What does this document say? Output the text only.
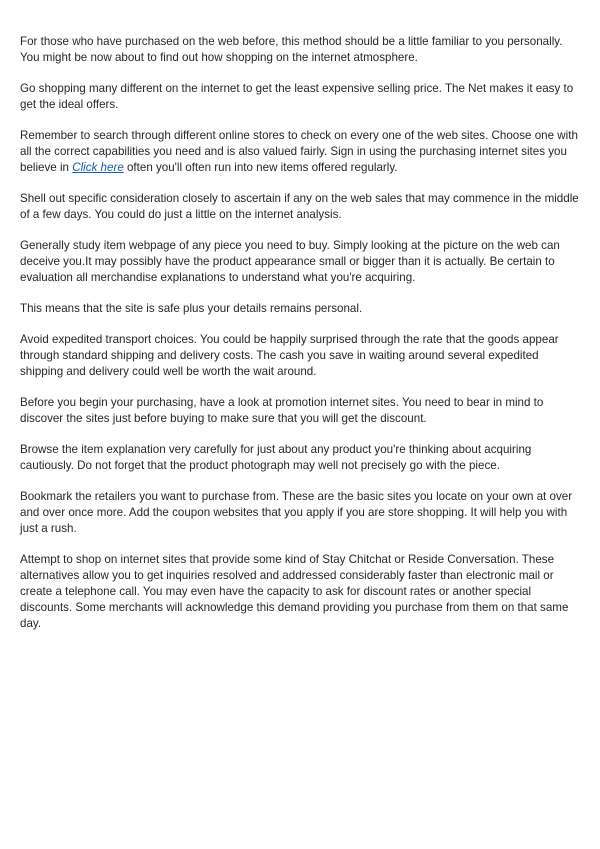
For those who have purchased on the web before, this method should be a little familiar to you personally. You might be now about to find out how shopping on the internet atmosphere.

Go shopping many different on the internet to get the least expensive selling price. The Net makes it easy to get the ideal offers.

Remember to search through different online stores to check on every one of the web sites. Choose one with all the correct capabilities you need and is also valued fairly. Sign in using the purchasing internet sites you believe in Click here often you'll often run into new items offered regularly.

Shell out specific consideration closely to ascertain if any on the web sales that may commence in the middle of a few days. You could do just a little on the internet analysis.

Generally study item webpage of any piece you need to buy. Simply looking at the picture on the web can deceive you.It may possibly have the product appearance small or bigger than it is actually. Be certain to evaluation all merchandise explanations to understand what you're acquiring.

This means that the site is safe plus your details remains personal.

Avoid expedited transport choices. You could be happily surprised through the rate that the goods appear through standard shipping and delivery costs. The cash you save in waiting around several expedited shipping and delivery could well be worth the wait around.

Before you begin your purchasing, have a look at promotion internet sites. You need to bear in mind to discover the sites just before buying to make sure that you will get the discount.

Browse the item explanation very carefully for just about any product you're thinking about acquiring cautiously. Do not forget that the product photograph may well not precisely go with the piece.

Bookmark the retailers you want to purchase from. These are the basic sites you locate on your own at over and over once more. Add the coupon websites that you apply if you are store shopping. It will help you with just a rush.

Attempt to shop on internet sites that provide some kind of Stay Chitchat or Reside Conversation. These alternatives allow you to get inquiries resolved and addressed considerably faster than electronic mail or create a telephone call. You may even have the capacity to ask for discount rates or another special discounts. Some merchants will acknowledge this demand providing you purchase from them on that same day.
